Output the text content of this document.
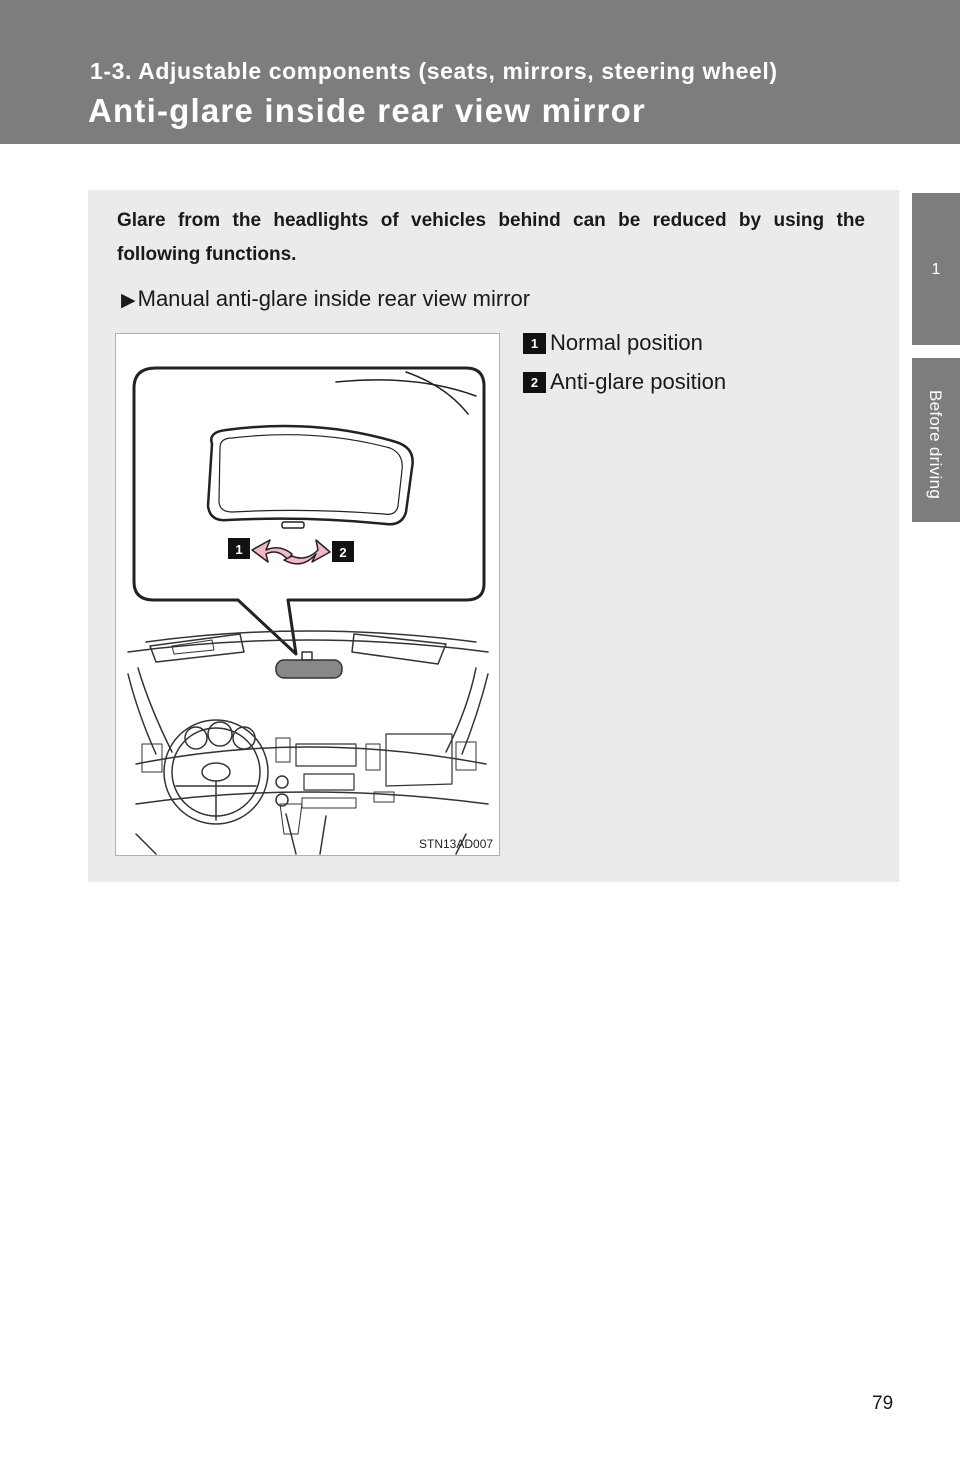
1-3. Adjustable components (seats, mirrors, steering wheel)
Anti-glare inside rear view mirror
1
Before driving

Glare from the headlights of vehicles behind can be reduced by using the following functions.

▶Manual anti-glare inside rear view mirror
1	2
STN13AD007
1 Normal position
2 Anti-glare position
79
